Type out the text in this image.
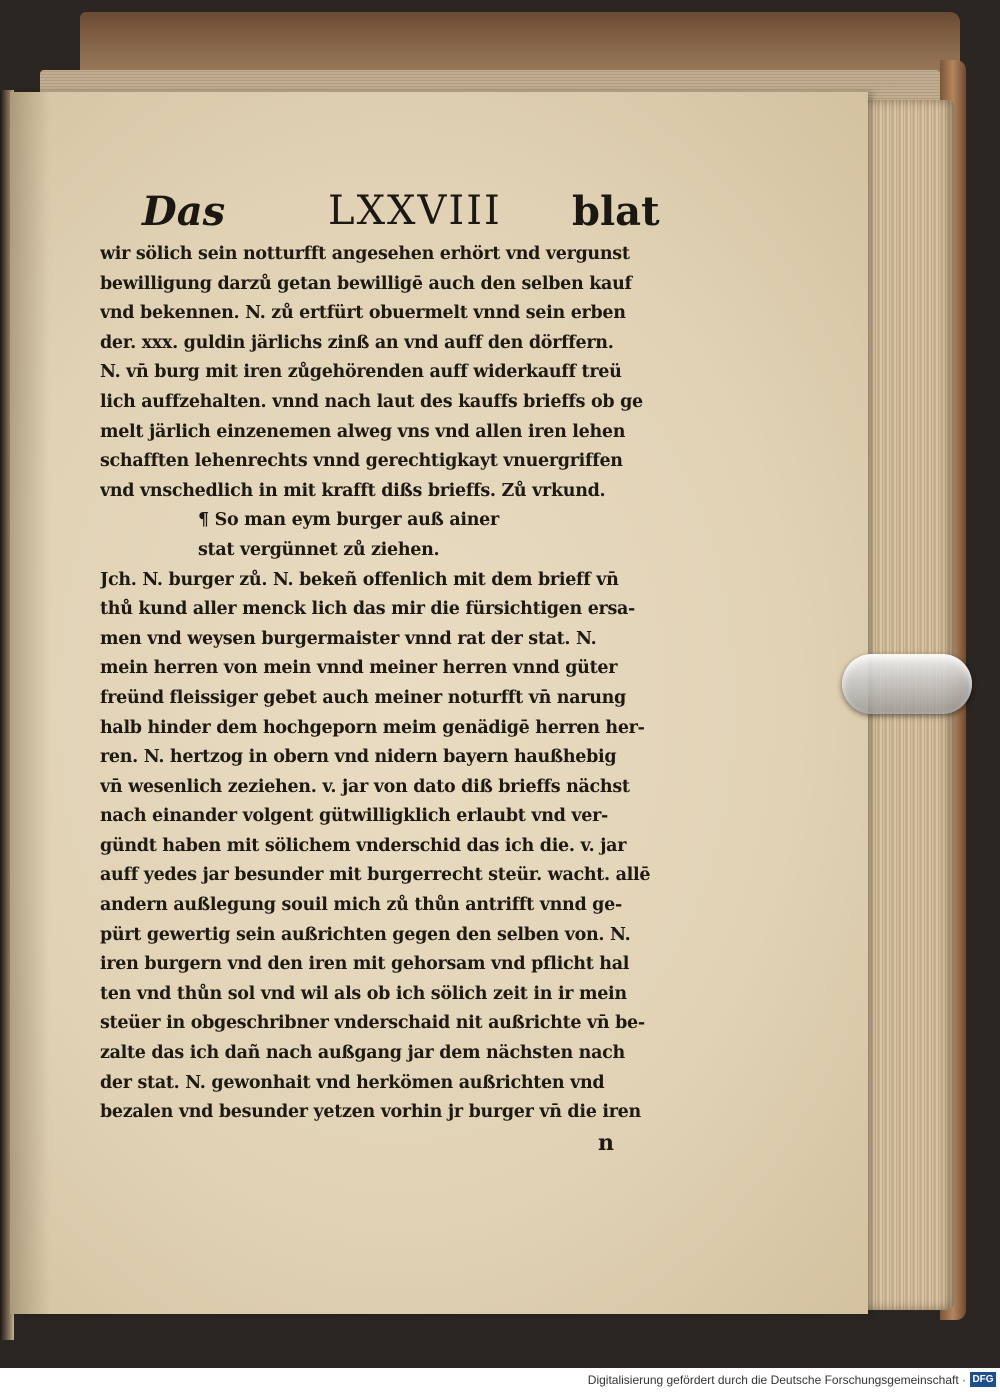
Das	LXXVIII blat
wir sölich sein notturfft angesehen erhört vnd vergunst
bewilligung darzů getan bewilligē auch den selben kauf
vnd bekennen. N. zů ertfürt obuermelt vnnd sein erben
der. xxx. guldin järlichs zinß an vnd auff den dörffern.
N. vn̄ burg mit iren zůgehörenden auff widerkauff treü
lich auffzehalten. vnnd nach laut des kauffs brieffs ob ge
melt järlich einzenemen alweg vns vnd allen iren lehen
schafften lehenrechts vnnd gerechtigkayt vnuergriffen
vnd vnschedlich in mit krafft dißs brieffs. Zů vrkund.
¶ So man eym burger auß ainer
stat vergünnet zů ziehen.
Jch. N. burger zů. N. bekeñ offenlich mit dem brieff vn̄
thů kund aller menck lich das mir die fürsichtigen ersa-
men vnd weysen burgermaister vnnd rat der stat. N.
mein herren von mein vnnd meiner herren vnnd güter
freünd fleissiger gebet auch meiner noturfft vn̄ narung
halb hinder dem hochgeporn meim genädigē herren her-
ren. N. hertzog in obern vnd nidern bayern haußhebig
vn̄ wesenlich zeziehen. v. jar von dato diß brieffs nächst
nach einander volgent gütwilligklich erlaubt vnd ver-
gündt haben mit sölichem vnderschid das ich die. v. jar
auff yedes jar besunder mit burgerrecht steür. wacht. allē
andern außlegung souil mich zů thůn antrifft vnnd ge-
pürt gewertig sein außrichten gegen den selben von. N.
iren burgern vnd den iren mit gehorsam vnd pflicht hal
ten vnd thůn sol vnd wil als ob ich sölich zeit in ir mein
steüer in obgeschribner vnderschaid nit außrichte vn̄ be-
zalte das ich dañ nach außgang jar dem nächsten nach
der stat. N. gewonhait vnd herkömen außrichten vnd
bezalen vnd besunder yetzen vorhin jr burger vn̄ die iren
n
Digitalisierung gefördert durch die Deutsche Forschungsgemeinschaft · DFG
